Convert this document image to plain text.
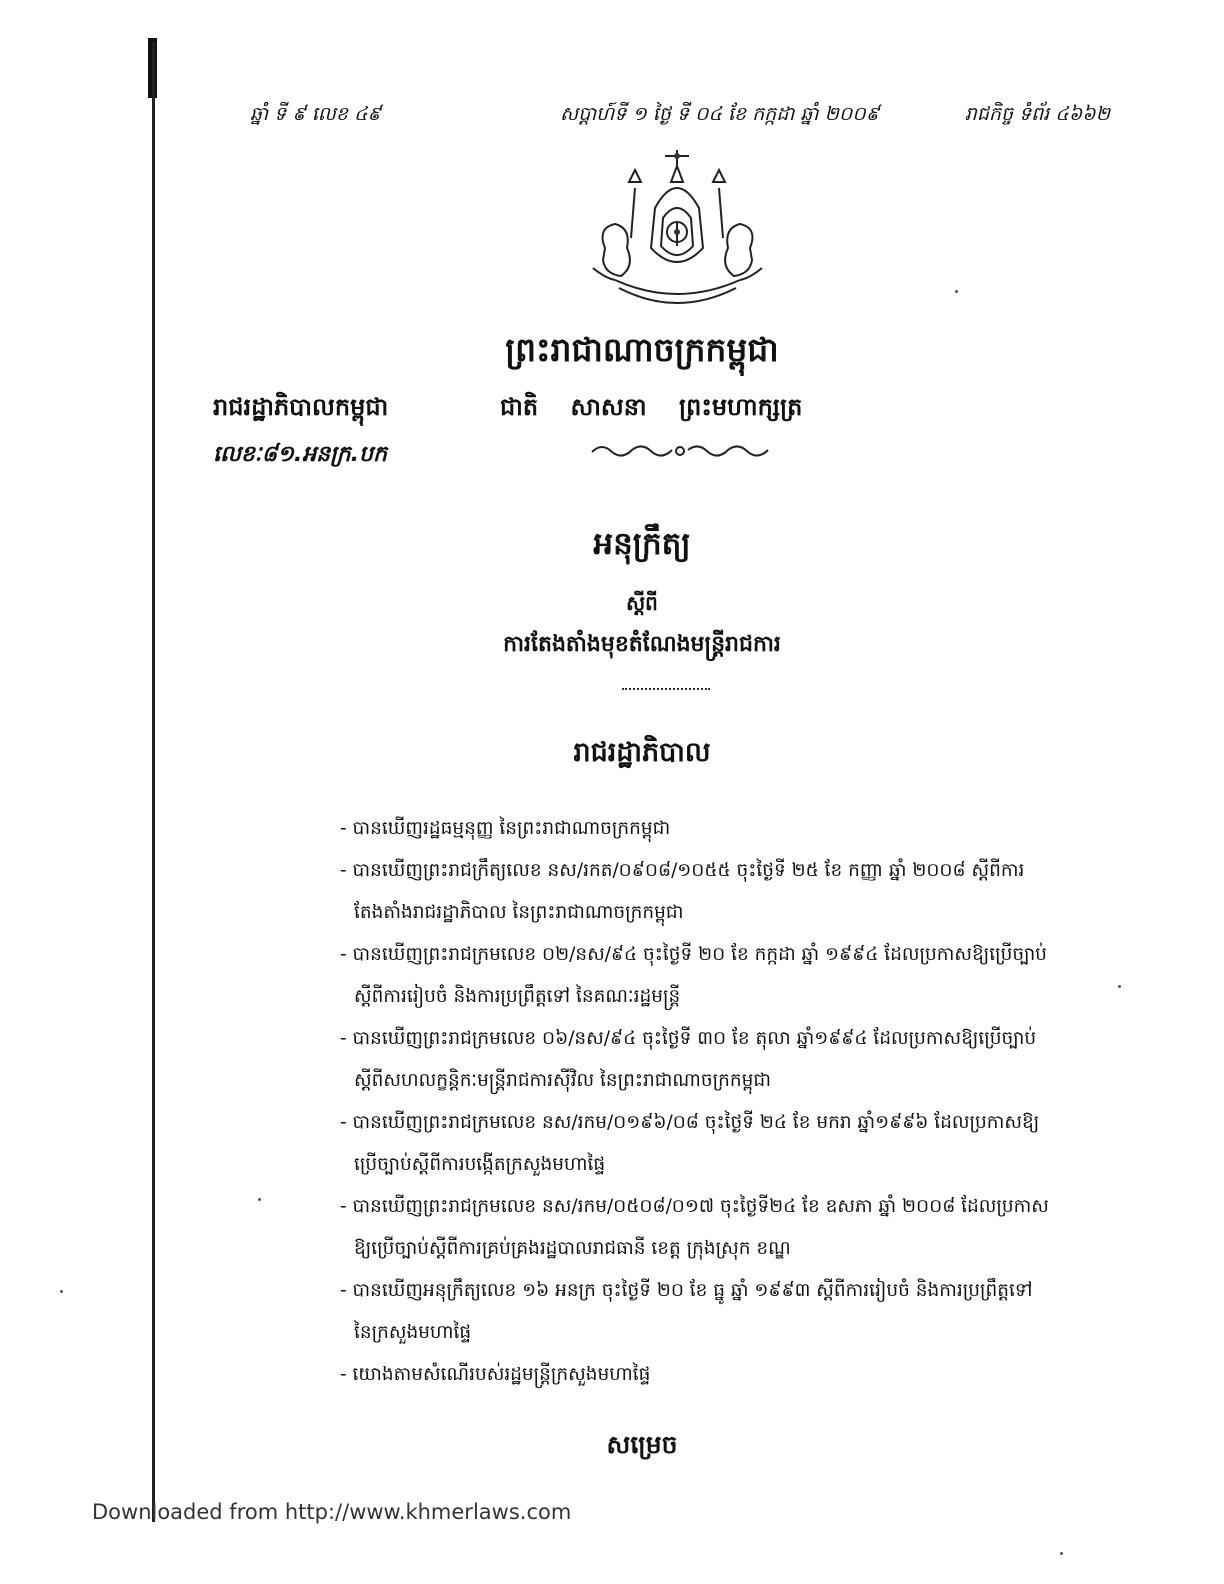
ឆ្នាំ ទី ៩ លេខ ៤៩	សប្តាហ៍ទី ១ ថ្ងៃ ទី ០៤ ខែ កក្កដា ឆ្នាំ ២០០៩	រាជកិច្ច ទំព័រ ៤៦៦២
ព្រះរាជាណាចក្រកម្ពុជា
រាជរដ្ឋាភិបាលកម្ពុជា	ជាតិ សាសនា ព្រះមហាក្សត្រ
លេខៈ៨១.អនក្រ.បក
អនុក្រឹត្យ
ស្តីពី
ការតែងតាំងមុខតំណែងមន្ត្រីរាជការ
រាជរដ្ឋាភិបាល

- បានឃើញរដ្ឋធម្មនុញ្ញ នៃព្រះរាជាណាចក្រកម្ពុជា

- បានឃើញព្រះរាជក្រឹត្យលេខ នស/រកត/០៩០៨/១០៥៥ ចុះថ្ងៃទី ២៥ ខែ កញ្ញា ឆ្នាំ ២០០៨ ស្តីពីការ
តែងតាំងរាជរដ្ឋាភិបាល នៃព្រះរាជាណាចក្រកម្ពុជា

- បានឃើញព្រះរាជក្រមលេខ ០២/នស/៩៤ ចុះថ្ងៃទី ២០ ខែ កក្កដា ឆ្នាំ ១៩៩៤ ដែលប្រកាសឱ្យប្រើច្បាប់
ស្តីពីការរៀបចំ និងការប្រព្រឹត្តទៅ នៃគណៈរដ្ឋមន្ត្រី

- បានឃើញព្រះរាជក្រមលេខ ០៦/នស/៩៤ ចុះថ្ងៃទី ៣០ ខែ តុលា ឆ្នាំ១៩៩៤ ដែលប្រកាសឱ្យប្រើច្បាប់
ស្តីពីសហលក្ខន្តិកៈមន្ត្រីរាជការស៊ីវិល នៃព្រះរាជាណាចក្រកម្ពុជា

- បានឃើញព្រះរាជក្រមលេខ នស/រកម/០១៩៦/០៨ ចុះថ្ងៃទី ២៤ ខែ មករា ឆ្នាំ១៩៩៦ ដែលប្រកាសឱ្យ
ប្រើច្បាប់ស្តីពីការបង្កើតក្រសួងមហាផ្ទៃ

- បានឃើញព្រះរាជក្រមលេខ នស/រកម/០៥០៨/០១៧ ចុះថ្ងៃទី២៤ ខែ ឧសភា ឆ្នាំ ២០០៨ ដែលប្រកាស
ឱ្យប្រើច្បាប់ស្តីពីការគ្រប់គ្រងរដ្ឋបាលរាជធានី ខេត្ត ក្រុងស្រុក ខណ្ឌ

- បានឃើញអនុក្រឹត្យលេខ ១៦ អនក្រ ចុះថ្ងៃទី ២០ ខែ ធ្នូ ឆ្នាំ ១៩៩៣ ស្តីពីការរៀបចំ និងការប្រព្រឹត្តទៅ
នៃក្រសួងមហាផ្ទៃ

- យោងតាមសំណើរបស់រដ្ឋមន្ត្រីក្រសួងមហាផ្ទៃ

សម្រេច
Downloaded from http://www.khmerlaws.com
